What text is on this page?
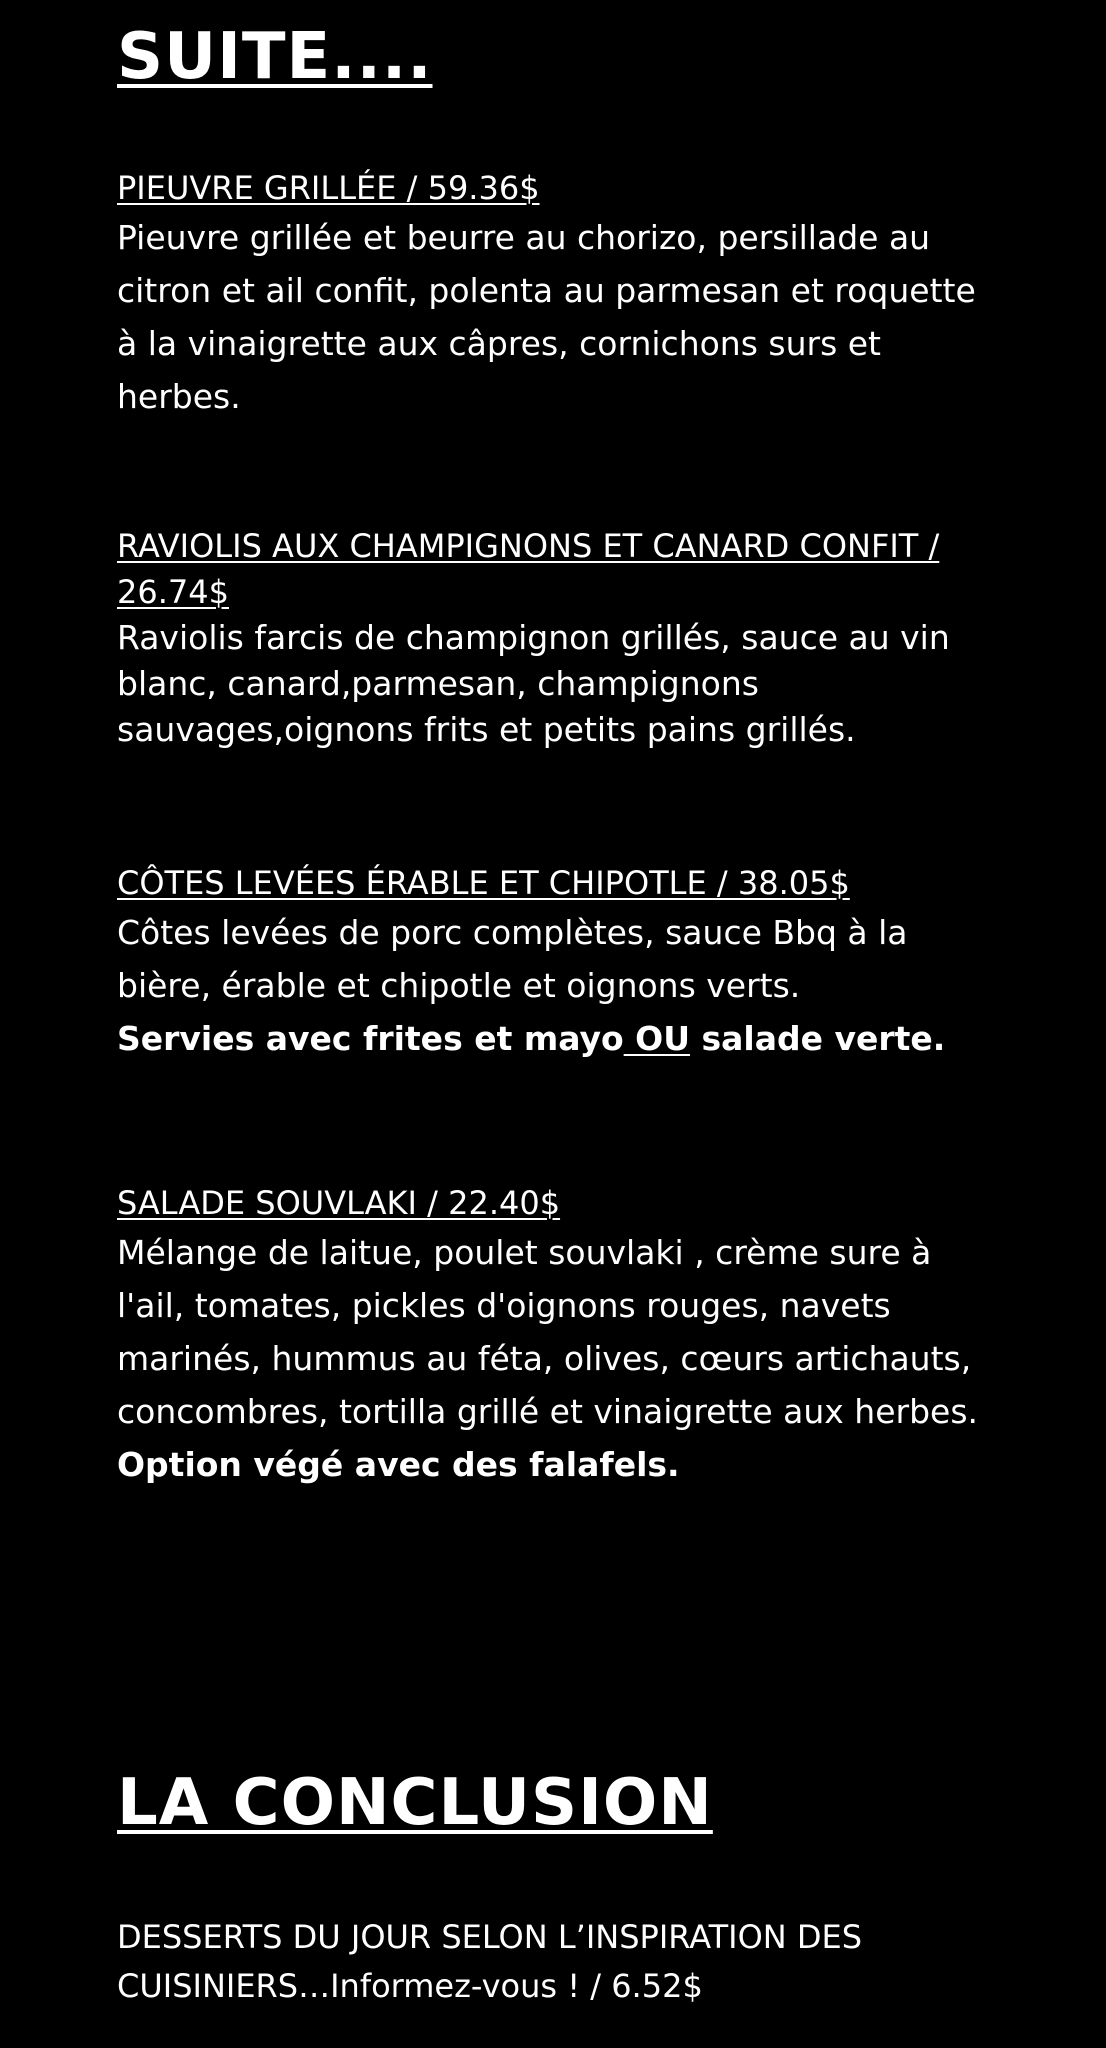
SUITE....

PIEUVRE GRILLÉE / 59.36$

Pieuvre grillée et beurre au chorizo, persillade au citron et ail confit, polenta au parmesan et roquette à la vinaigrette aux câpres, cornichons surs et herbes.

RAVIOLIS AUX CHAMPIGNONS ET CANARD CONFIT / 26.74$

Raviolis farcis de champignon grillés, sauce au vin blanc, canard,parmesan, champignons sauvages,oignons frits et petits pains grillés.

CÔTES LEVÉES ÉRABLE ET CHIPOTLE / 38.05$

Côtes levées de porc complètes, sauce Bbq à la bière, érable et chipotle et oignons verts.

Servies avec frites et mayo OU salade verte.

SALADE SOUVLAKI / 22.40$

Mélange de laitue, poulet souvlaki , crème sure à l'ail, tomates, pickles d'oignons rouges, navets marinés, hummus au féta, olives, cœurs artichauts, concombres, tortilla grillé et vinaigrette aux herbes.

Option végé avec des falafels.

LA CONCLUSION

DESSERTS DU JOUR SELON L’INSPIRATION DES CUISINIERS…Informez-vous ! / 6.52$
